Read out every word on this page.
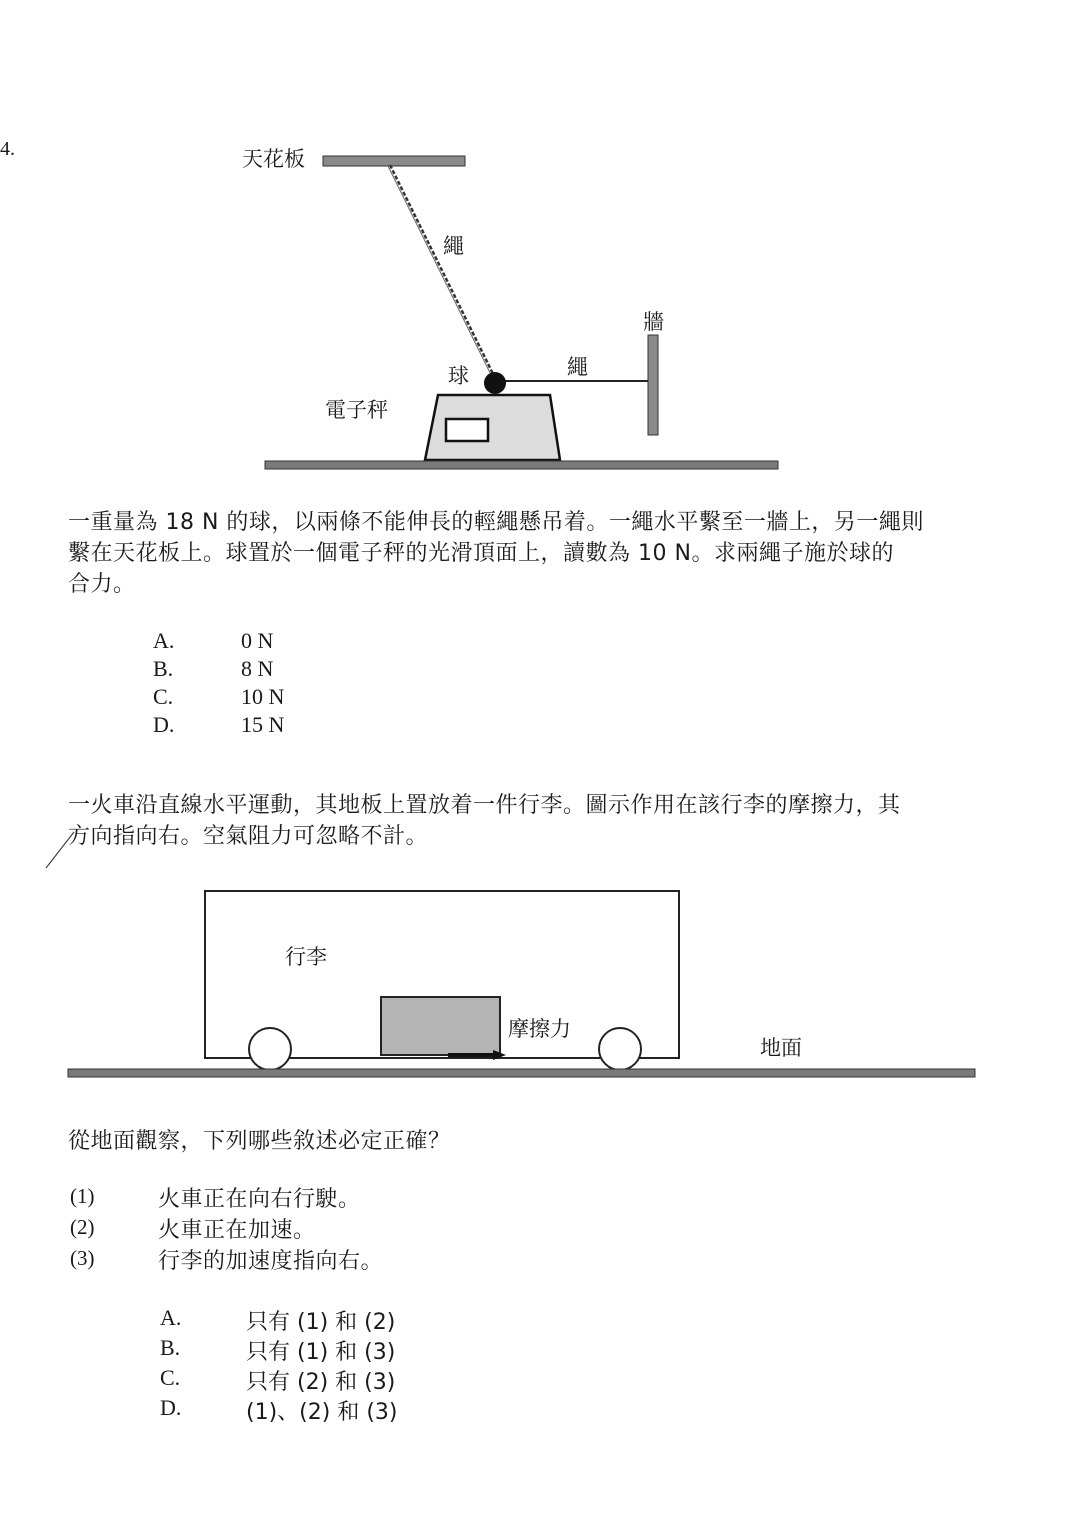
4.	天花板
繩
牆
繩
球
電子秤
一重量為 18 N 的球，以兩條不能伸長的輕繩懸吊着。一繩水平繫至一牆上，另一繩則
繫在天花板上。球置於一個電子秤的光滑頂面上，讀數為 10 N。求兩繩子施於球的
合力。
A.	0 N
B.	8 N
C.	10 N
D.	15 N
一火車沿直線水平運動，其地板上置放着一件行李。圖示作用在該行李的摩擦力，其
方向指向右。空氣阻力可忽略不計。
行李
摩擦力
地面
從地面觀察，下列哪些敘述必定正確？
(1)	火車正在向右行駛。
(2)	火車正在加速。
(3)	行李的加速度指向右。
A.	只有 (1) 和 (2)
B.	只有 (1) 和 (3)
C.	只有 (2) 和 (3)
D.	(1)、(2) 和 (3)
